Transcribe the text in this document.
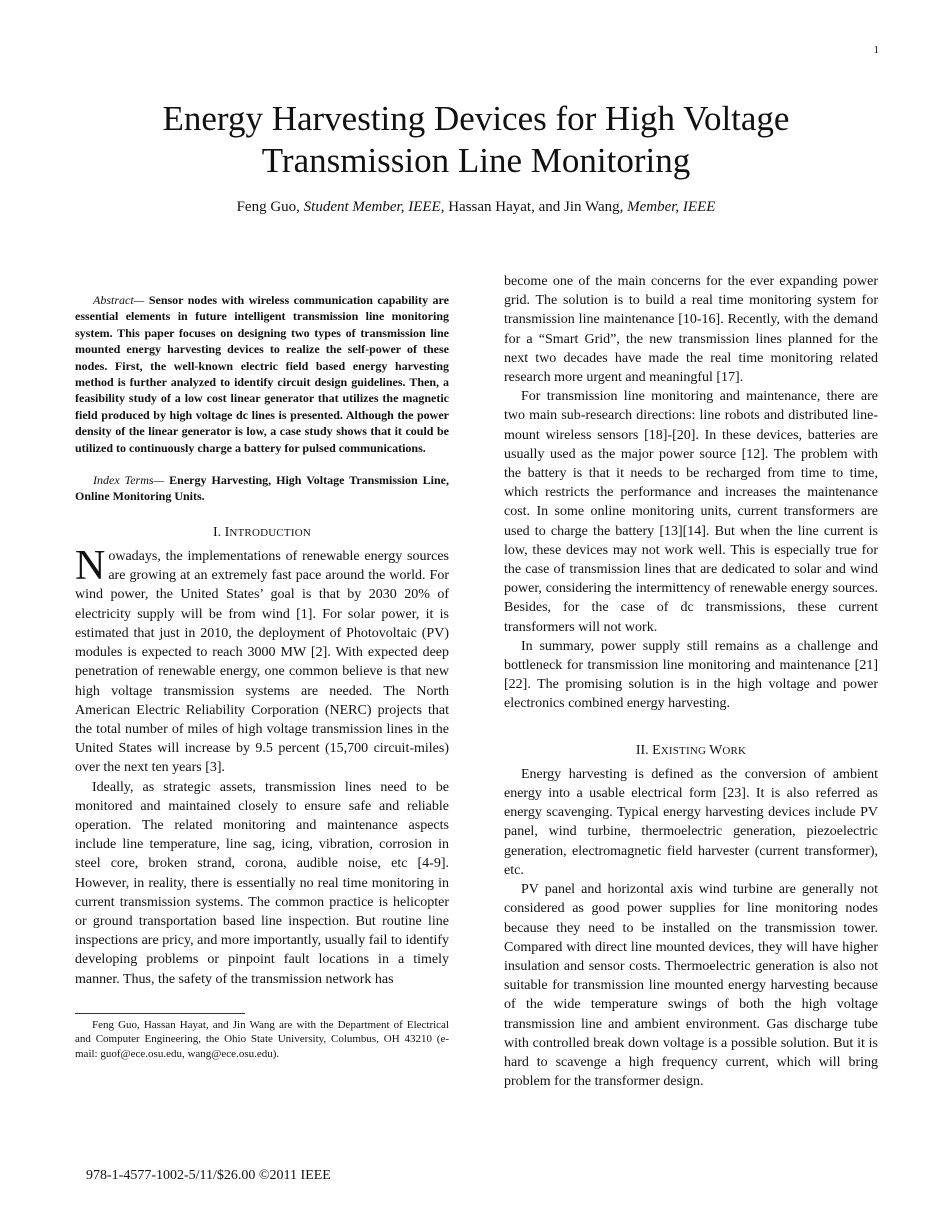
1
Energy Harvesting Devices for High Voltage
Transmission Line Monitoring
Feng Guo, Student Member, IEEE, Hassan Hayat, and Jin Wang, Member, IEEE

Abstract— Sensor nodes with wireless communication capability are essential elements in future intelligent transmission line monitoring system. This paper focuses on designing two types of transmission line mounted energy harvesting devices to realize the self-power of these nodes. First, the well-known electric field based energy harvesting method is further analyzed to identify circuit design guidelines. Then, a feasibility study of a low cost linear generator that utilizes the magnetic field produced by high voltage dc lines is presented. Although the power density of the linear generator is low, a case study shows that it could be utilized to continuously charge a battery for pulsed communications.

Index Terms— Energy Harvesting, High Voltage Transmission Line, Online Monitoring Units.

I. INTRODUCTION

Nowadays, the implementations of renewable energy sources are growing at an extremely fast pace around the world. For wind power, the United States’ goal is that by 2030 20% of electricity supply will be from wind [1]. For solar power, it is estimated that just in 2010, the deployment of Photovoltaic (PV) modules is expected to reach 3000 MW [2]. With expected deep penetration of renewable energy, one common believe is that new high voltage transmission systems are needed. The North American Electric Reliability Corporation (NERC) projects that the total number of miles of high voltage transmission lines in the United States will increase by 9.5 percent (15,700 circuit-miles) over the next ten years [3].

Ideally, as strategic assets, transmission lines need to be monitored and maintained closely to ensure safe and reliable operation. The related monitoring and maintenance aspects include line temperature, line sag, icing, vibration, corrosion in steel core, broken strand, corona, audible noise, etc [4-9]. However, in reality, there is essentially no real time monitoring in current transmission systems. The common practice is helicopter or ground transportation based line inspection. But routine line inspections are pricy, and more importantly, usually fail to identify developing problems or pinpoint fault locations in a timely manner. Thus, the safety of the transmission network has

Feng Guo, Hassan Hayat, and Jin Wang are with the Department of Electrical and Computer Engineering, the Ohio State University, Columbus, OH 43210 (e- mail: guof@ece.osu.edu, wang@ece.osu.edu).

become one of the main concerns for the ever expanding power grid. The solution is to build a real time monitoring system for transmission line maintenance [10-16]. Recently, with the demand for a “Smart Grid”, the new transmission lines planned for the next two decades have made the real time monitoring related research more urgent and meaningful [17].

For transmission line monitoring and maintenance, there are two main sub-research directions: line robots and distributed line-mount wireless sensors [18]-[20]. In these devices, batteries are usually used as the major power source [12]. The problem with the battery is that it needs to be recharged from time to time, which restricts the performance and increases the maintenance cost. In some online monitoring units, current transformers are used to charge the battery [13][14]. But when the line current is low, these devices may not work well. This is especially true for the case of transmission lines that are dedicated to solar and wind power, considering the intermittency of renewable energy sources. Besides, for the case of dc transmissions, these current transformers will not work.

In summary, power supply still remains as a challenge and bottleneck for transmission line monitoring and maintenance [21][22]. The promising solution is in the high voltage and power electronics combined energy harvesting.

II. EXISTING WORK

Energy harvesting is defined as the conversion of ambient energy into a usable electrical form [23]. It is also referred as energy scavenging. Typical energy harvesting devices include PV panel, wind turbine, thermoelectric generation, piezoelectric generation, electromagnetic field harvester (current transformer), etc.

PV panel and horizontal axis wind turbine are generally not considered as good power supplies for line monitoring nodes because they need to be installed on the transmission tower. Compared with direct line mounted devices, they will have higher insulation and sensor costs. Thermoelectric generation is also not suitable for transmission line mounted energy harvesting because of the wide temperature swings of both the high voltage transmission line and ambient environment. Gas discharge tube with controlled break down voltage is a possible solution. But it is hard to scavenge a high frequency current, which will bring problem for the transformer design.

978-1-4577-1002-5/11/$26.00 ©2011 IEEE
